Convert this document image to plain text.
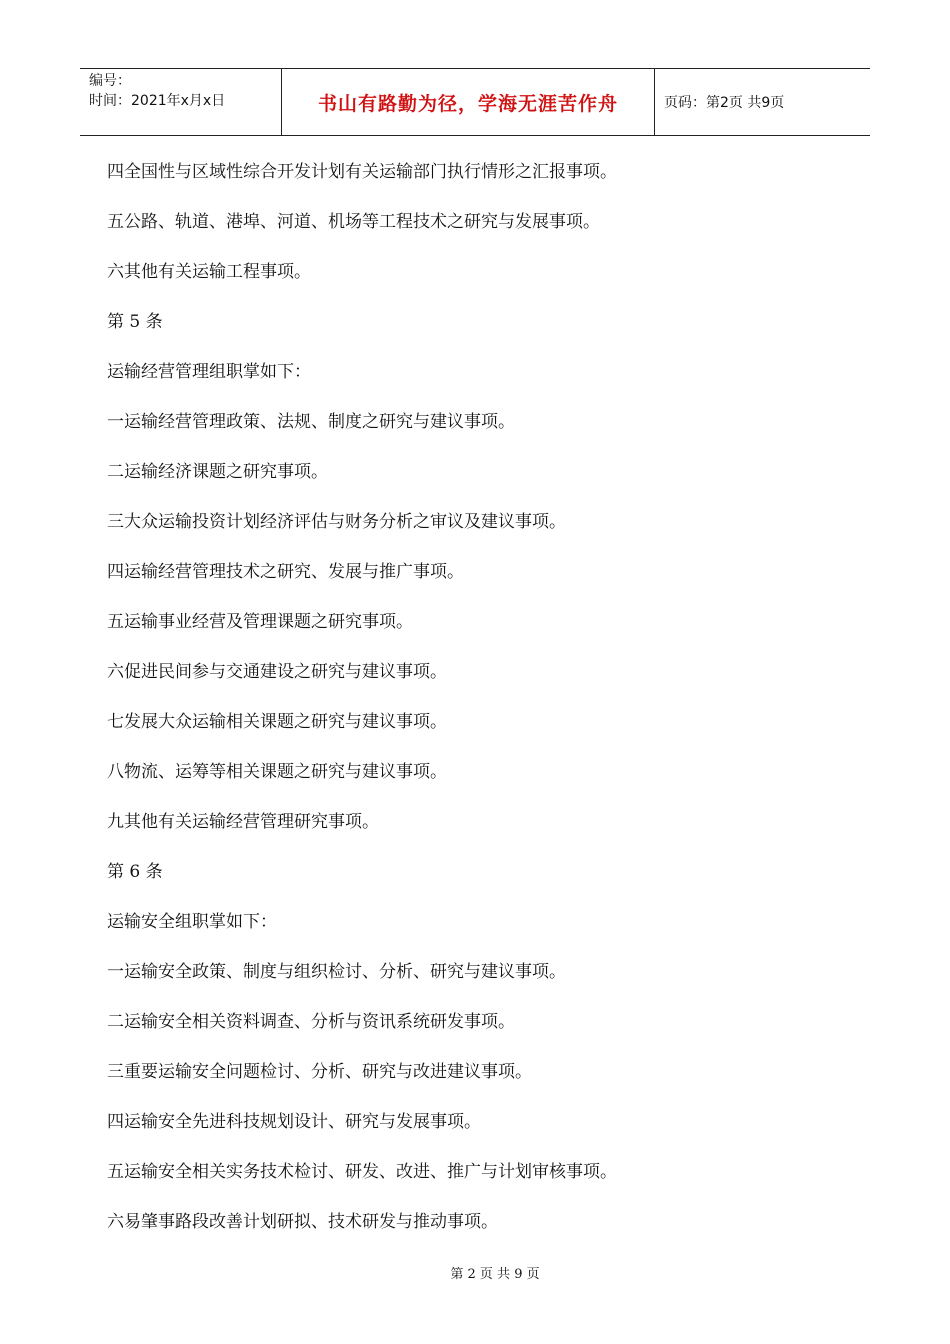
编号：
时间：2021年x月x日	书山有路勤为径，学海无涯苦作舟	页码：第2页 共9页
四全国性与区域性综合开发计划有关运输部门执行情形之汇报事项。
五公路、轨道、港埠、河道、机场等工程技术之研究与发展事项。
六其他有关运输工程事项。
第 5 条
运输经营管理组职掌如下：
一运输经营管理政策、法规、制度之研究与建议事项。
二运输经济课题之研究事项。
三大众运输投资计划经济评估与财务分析之审议及建议事项。
四运输经营管理技术之研究、发展与推广事项。
五运输事业经营及管理课题之研究事项。
六促进民间参与交通建设之研究与建议事项。
七发展大众运输相关课题之研究与建议事项。
八物流、运筹等相关课题之研究与建议事项。
九其他有关运输经营管理研究事项。
第 6 条
运输安全组职掌如下：
一运输安全政策、制度与组织检讨、分析、研究与建议事项。
二运输安全相关资料调查、分析与资讯系统研发事项。
三重要运输安全问题检讨、分析、研究与改进建议事项。
四运输安全先进科技规划设计、研究与发展事项。
五运输安全相关实务技术检讨、研发、改进、推广与计划审核事项。
六易肇事路段改善计划研拟、技术研发与推动事项。
第 2 页 共 9 页
